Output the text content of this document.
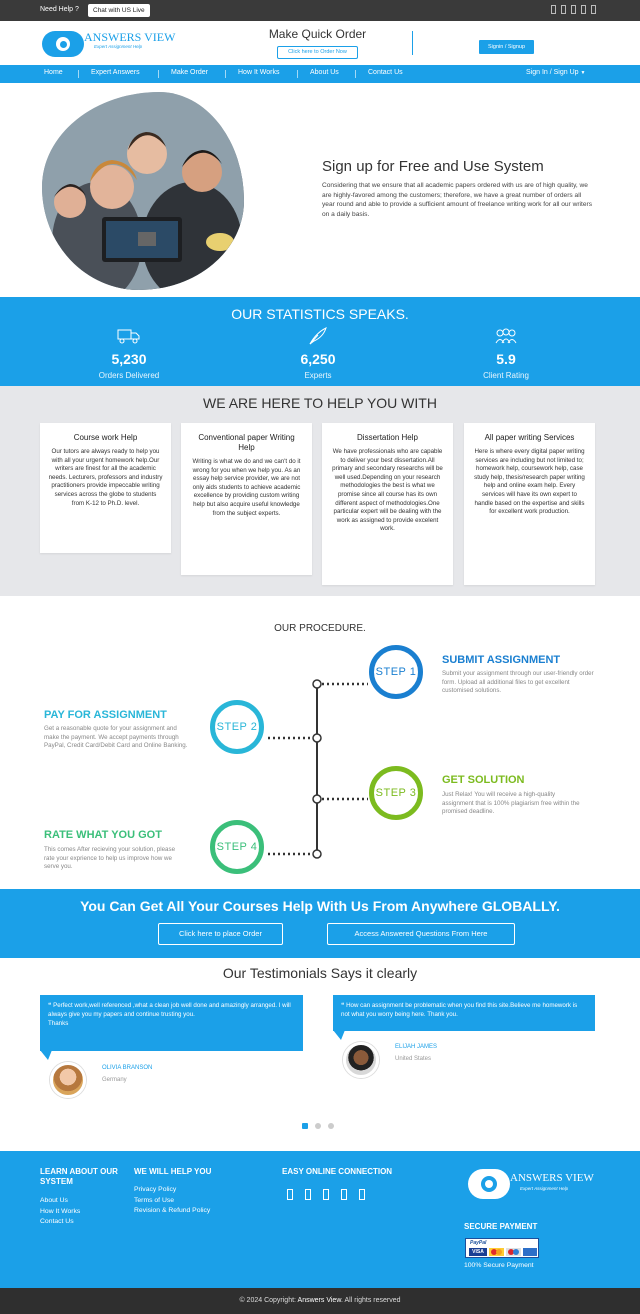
Need Help ?	Chat with US Live
ANSWERS VIEW
Expert Assignment Help
Make Quick Order
Click here to Order Now
Signin / Signup
Home	Expert Answers	Make Order	How It Works	About Us	Contact Us	Sign In / Sign Up ▼
Sign up for Free and Use System
Considering that we ensure that all academic papers ordered with us are of high quality, we are highly-favored among the customers; therefore, we have a great number of orders all year round and able to provide a sufficient amount of freelance writing work for all our writers on a daily basis.
OUR STATISTICS SPEAKS.
5,230
Orders Delivered
6,250
Experts
5.9
Client Rating
WE ARE HERE TO HELP YOU WITH
Course work Help

Our tutors are always ready to help you with all your urgent homework help.Our writers are finest for all the academic needs. Lecturers, professors and industry practitioners provide impeccable writing services across the globe to students from K-12 to Ph.D. level.

Conventional paper Writing Help

Writing is what we do and we can't do it wrong for you when we help you. As an essay help service provider, we are not only aids students to achieve academic excellence by providing custom writing help but also acquire useful knowledge from the subject experts.

Dissertation Help

We have professionals who are capable to deliver your best dissertation.All primary and secondary researchs will be well used.Depending on your research methodologies the best is what we promise since all course has its own different aspect of methodologies.One particular expert will be dealing with the work as assigned to provide excelent work.

All paper writing Services

Here is where every digital paper writing services are including but not limited to; homework help, coursework help, case study help, thesis/research paper writing help and online exam help. Every services will have its own expert to handle based on the expertise and skills for excellent work production.

OUR PROCEDURE.
STEP 1
SUBMIT ASSIGNMENT
Submit your assignment through our user-friendly order form. Upload all additional files to get excellent customised solutions.
STEP 2
PAY FOR ASSIGNMENT
Get a reasonable quote for your assignment and make the payment. We accept payments through PayPal, Credit Card/Debit Card and Online Banking.
STEP 3
GET SOLUTION
Just Relax! You will receive a high-quality assignment that is 100% plagiarism free within the promised deadline.
STEP 4
RATE WHAT YOU GOT
This comes After recieving your solution, please rate your exprience to help us improve how we serve you.
You Can Get All Your Courses Help With Us From Anywhere GLOBALLY.
Click here to place Order	Access Answered Questions From Here
Our Testimonials Says it clearly
❝ Perfect work,well referenced ,what a clean job well done and amazingly arranged. I will always give you my papers and continue trusting you.
Thanks
OLIVIA BRANSON
Germany
❝ How can assignment be problematic when you find this site.Believe me homework is not what you worry being here. Thank you.
ELIJAH JAMES
United States
LEARN ABOUT OUR SYSTEM
About Us
How It Works
Contact Us
WE WILL HELP YOU
Privacy Policy
Terms of Use
Revision & Refund Policy
EASY ONLINE CONNECTION
ANSWERS VIEW
Expert Assignment Help
SECURE PAYMENT
PayPal
VISA
100% Secure Payment
© 2024 Copyright: Answers View. All rights reserved
